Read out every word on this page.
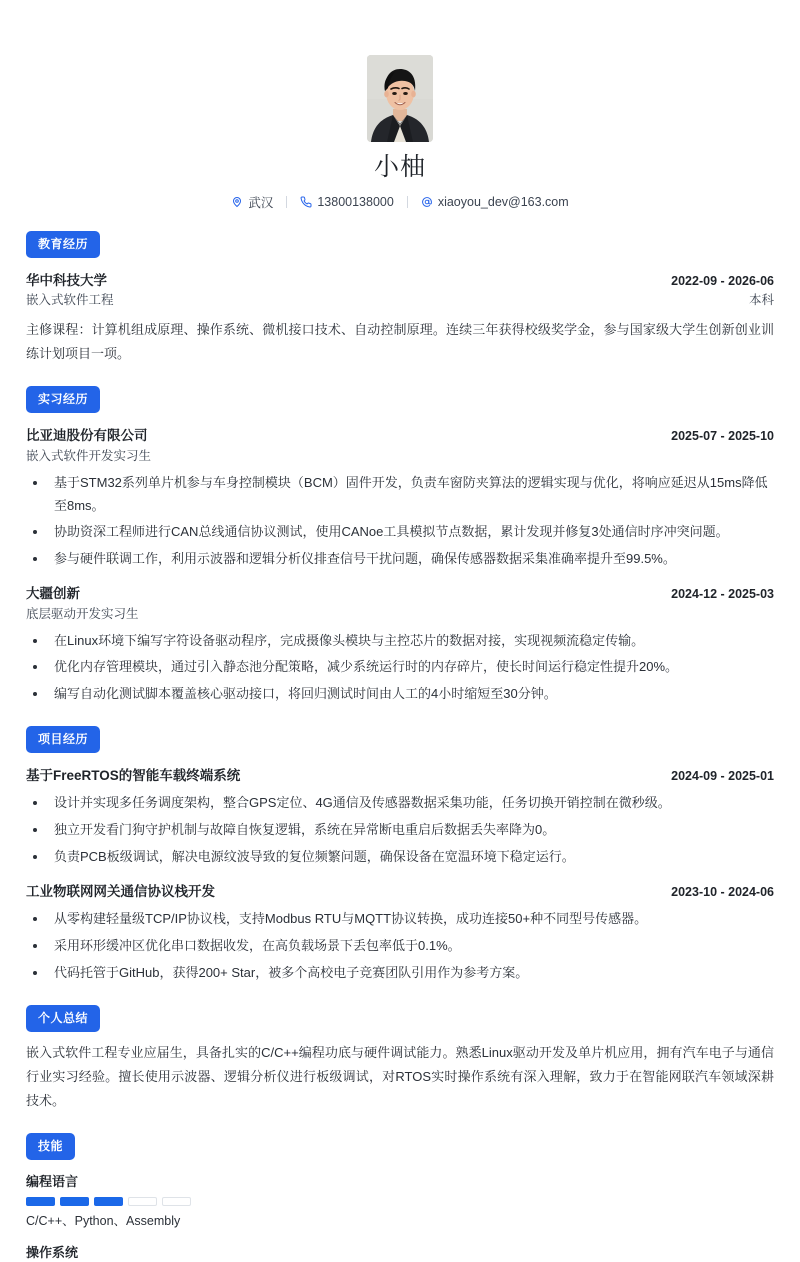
小柚
武汉	13800138000	xiaoyou_dev@163.com
教育经历
华中科技大学	2022-09 - 2026-06
嵌入式软件工程	本科
主修课程：计算机组成原理、操作系统、微机接口技术、自动控制原理。连续三年获得校级奖学金，参与国家级大学生创新创业训练计划项目一项。
实习经历
比亚迪股份有限公司	2025-07 - 2025-10
嵌入式软件开发实习生
基于STM32系列单片机参与车身控制模块（BCM）固件开发，负责车窗防夹算法的逻辑实现与优化，将响应延迟从15ms降低至8ms。
协助资深工程师进行CAN总线通信协议测试，使用CANoe工具模拟节点数据，累计发现并修复3处通信时序冲突问题。
参与硬件联调工作，利用示波器和逻辑分析仪排查信号干扰问题，确保传感器数据采集准确率提升至99.5%。
大疆创新	2024-12 - 2025-03
底层驱动开发实习生
在Linux环境下编写字符设备驱动程序，完成摄像头模块与主控芯片的数据对接，实现视频流稳定传输。
优化内存管理模块，通过引入静态池分配策略，减少系统运行时的内存碎片，使长时间运行稳定性提升20%。
编写自动化测试脚本覆盖核心驱动接口，将回归测试时间由人工的4小时缩短至30分钟。
项目经历
基于FreeRTOS的智能车载终端系统	2024-09 - 2025-01
设计并实现多任务调度架构，整合GPS定位、4G通信及传感器数据采集功能，任务切换开销控制在微秒级。
独立开发看门狗守护机制与故障自恢复逻辑，系统在异常断电重启后数据丢失率降为0。
负责PCB板级调试，解决电源纹波导致的复位频繁问题，确保设备在宽温环境下稳定运行。
工业物联网网关通信协议栈开发	2023-10 - 2024-06
从零构建轻量级TCP/IP协议栈，支持Modbus RTU与MQTT协议转换，成功连接50+种不同型号传感器。
采用环形缓冲区优化串口数据收发，在高负载场景下丢包率低于0.1%。
代码托管于GitHub，获得200+ Star，被多个高校电子竞赛团队引用作为参考方案。
个人总结
嵌入式软件工程专业应届生，具备扎实的C/C++编程功底与硬件调试能力。熟悉Linux驱动开发及单片机应用，拥有汽车电子与通信行业实习经验。擅长使用示波器、逻辑分析仪进行板级调试，对RTOS实时操作系统有深入理解，致力于在智能网联汽车领域深耕技术。
技能
编程语言
C/C++、Python、Assembly
操作系统
